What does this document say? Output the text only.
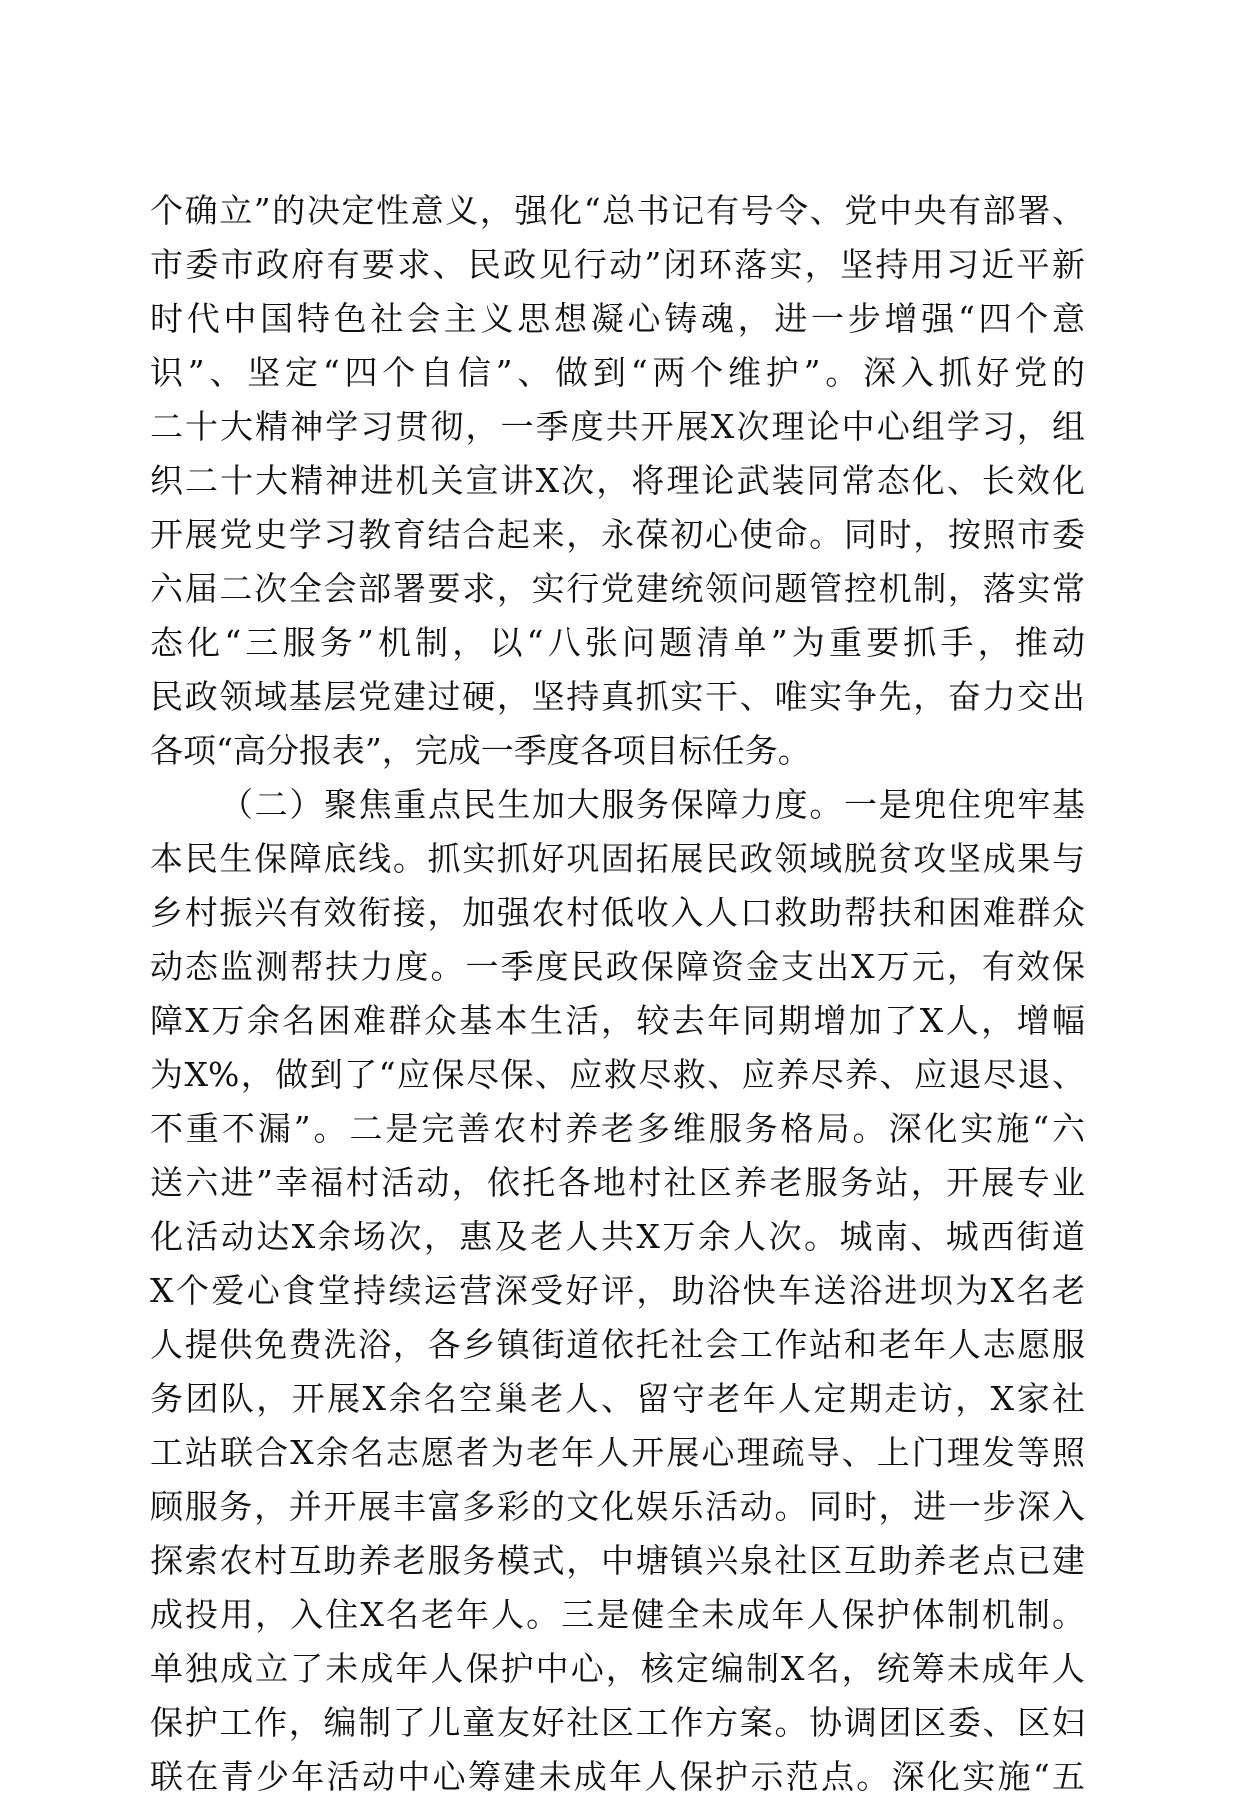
个确立”的决定性意义，强化“总书记有号令、党中央有部署、
市委市政府有要求、民政见行动”闭环落实，坚持用习近平新
时代中国特色社会主义思想凝心铸魂，进一步增强“四个意
识”、坚定“四个自信”、做到“两个维护”。深入抓好党的
二十大精神学习贯彻，一季度共开展X次理论中心组学习，组
织二十大精神进机关宣讲X次，将理论武装同常态化、长效化
开展党史学习教育结合起来，永葆初心使命。同时，按照市委
六届二次全会部署要求，实行党建统领问题管控机制，落实常
态化“三服务”机制，以“八张问题清单”为重要抓手，推动
民政领域基层党建过硬，坚持真抓实干、唯实争先，奋力交出
各项“高分报表”，完成一季度各项目标任务。
（二）聚焦重点民生加大服务保障力度。一是兜住兜牢基
本民生保障底线。抓实抓好巩固拓展民政领域脱贫攻坚成果与
乡村振兴有效衔接，加强农村低收入人口救助帮扶和困难群众
动态监测帮扶力度。一季度民政保障资金支出X万元，有效保
障X万余名困难群众基本生活，较去年同期增加了X人，增幅
为X%，做到了“应保尽保、应救尽救、应养尽养、应退尽退、
不重不漏”。二是完善农村养老多维服务格局。深化实施“六
送六进”幸福村活动，依托各地村社区养老服务站，开展专业
化活动达X余场次，惠及老人共X万余人次。城南、城西街道
X个爱心食堂持续运营深受好评，助浴快车送浴进坝为X名老
人提供免费洗浴，各乡镇街道依托社会工作站和老年人志愿服
务团队，开展X余名空巢老人、留守老年人定期走访，X家社
工站联合X余名志愿者为老年人开展心理疏导、上门理发等照
顾服务，并开展丰富多彩的文化娱乐活动。同时，进一步深入
探索农村互助养老服务模式，中塘镇兴泉社区互助养老点已建
成投用，入住X名老年人。三是健全未成年人保护体制机制。
单独成立了未成年人保护中心，核定编制X名，统筹未成年人
保护工作，编制了儿童友好社区工作方案。协调团区委、区妇
联在青少年活动中心筹建未成年人保护示范点。深化实施“五
